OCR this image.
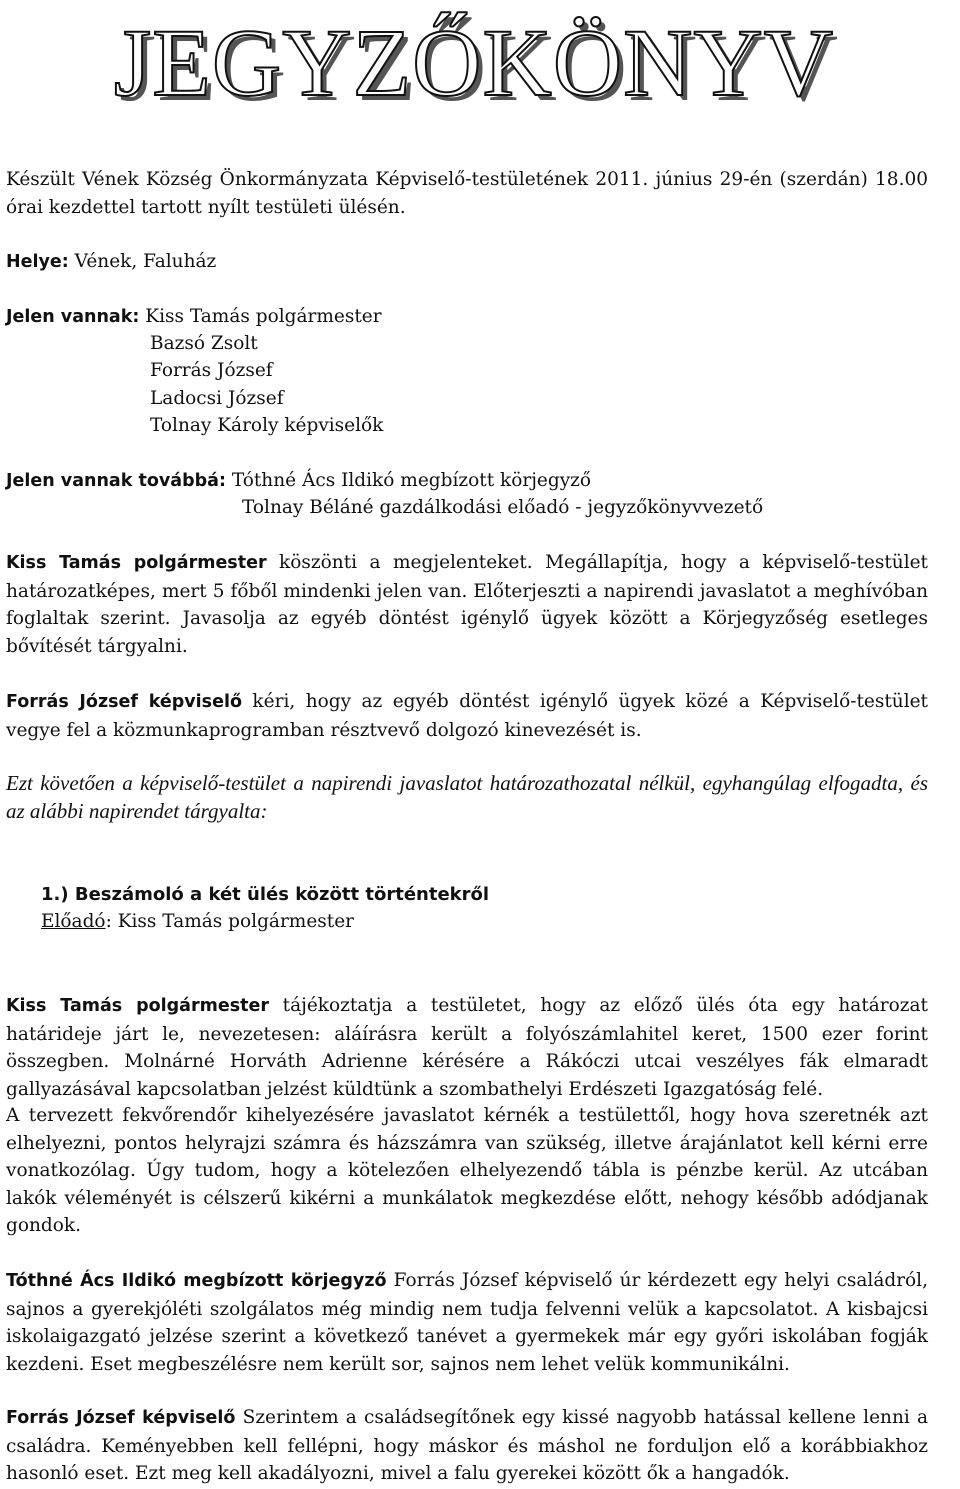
JEGYZŐKÖNYV

Készült Vének Község Önkormányzata Képviselő-testületének 2011. június 29-én (szerdán) 18.00 órai kezdettel tartott nyílt testületi ülésén.

Helye: Vének, Faluház

Jelen vannak: Kiss Tamás polgármester

Bazsó Zsolt
Forrás József
Ladocsi József
Tolnay Károly képviselők

Jelen vannak továbbá: Tóthné Ács Ildikó megbízott körjegyző

Tolnay Béláné gazdálkodási előadó - jegyzőkönyvvezető

Kiss Tamás polgármester köszönti a megjelenteket. Megállapítja, hogy a képviselő-testület határozatképes, mert 5 főből mindenki jelen van. Előterjeszti a napirendi javaslatot a meghívóban foglaltak szerint. Javasolja az egyéb döntést igénylő ügyek között a Körjegyzőség esetleges bővítését tárgyalni.

Forrás József képviselő kéri, hogy az egyéb döntést igénylő ügyek közé a Képviselő-testület vegye fel a közmunkaprogramban résztvevő dolgozó kinevezését is.

Ezt követően a képviselő-testület a napirendi javaslatot határozathozatal nélkül, egyhangúlag elfogadta, és az alábbi napirendet tárgyalta:

1.) Beszámoló a két ülés között történtekről
Előadó: Kiss Tamás polgármester

Kiss Tamás polgármester tájékoztatja a testületet, hogy az előző ülés óta egy határozat határideje járt le, nevezetesen: aláírásra került a folyószámlahitel keret, 1500 ezer forint összegben. Molnárné Horváth Adrienne kérésére a Rákóczi utcai veszélyes fák elmaradt gallyazásával kapcsolatban jelzést küldtünk a szombathelyi Erdészeti Igazgatóság felé.

A tervezett fekvőrendőr kihelyezésére javaslatot kérnék a testülettől, hogy hova szeretnék azt elhelyezni, pontos helyrajzi számra és házszámra van szükség, illetve árajánlatot kell kérni erre vonatkozólag. Úgy tudom, hogy a kötelezően elhelyezendő tábla is pénzbe kerül. Az utcában lakók véleményét is célszerű kikérni a munkálatok megkezdése előtt, nehogy később adódjanak gondok.

Tóthné Ács Ildikó megbízott körjegyző Forrás József képviselő úr kérdezett egy helyi családról, sajnos a gyerekjóléti szolgálatos még mindig nem tudja felvenni velük a kapcsolatot. A kisbajcsi iskolaigazgató jelzése szerint a következő tanévet a gyermekek már egy győri iskolában fogják kezdeni. Eset megbeszélésre nem került sor, sajnos nem lehet velük kommunikálni.

Forrás József képviselő Szerintem a családsegítőnek egy kissé nagyobb hatással kellene lenni a családra. Keményebben kell fellépni, hogy máskor és máshol ne forduljon elő a korábbiakhoz hasonló eset. Ezt meg kell akadályozni, mivel a falu gyerekei között ők a hangadók.
